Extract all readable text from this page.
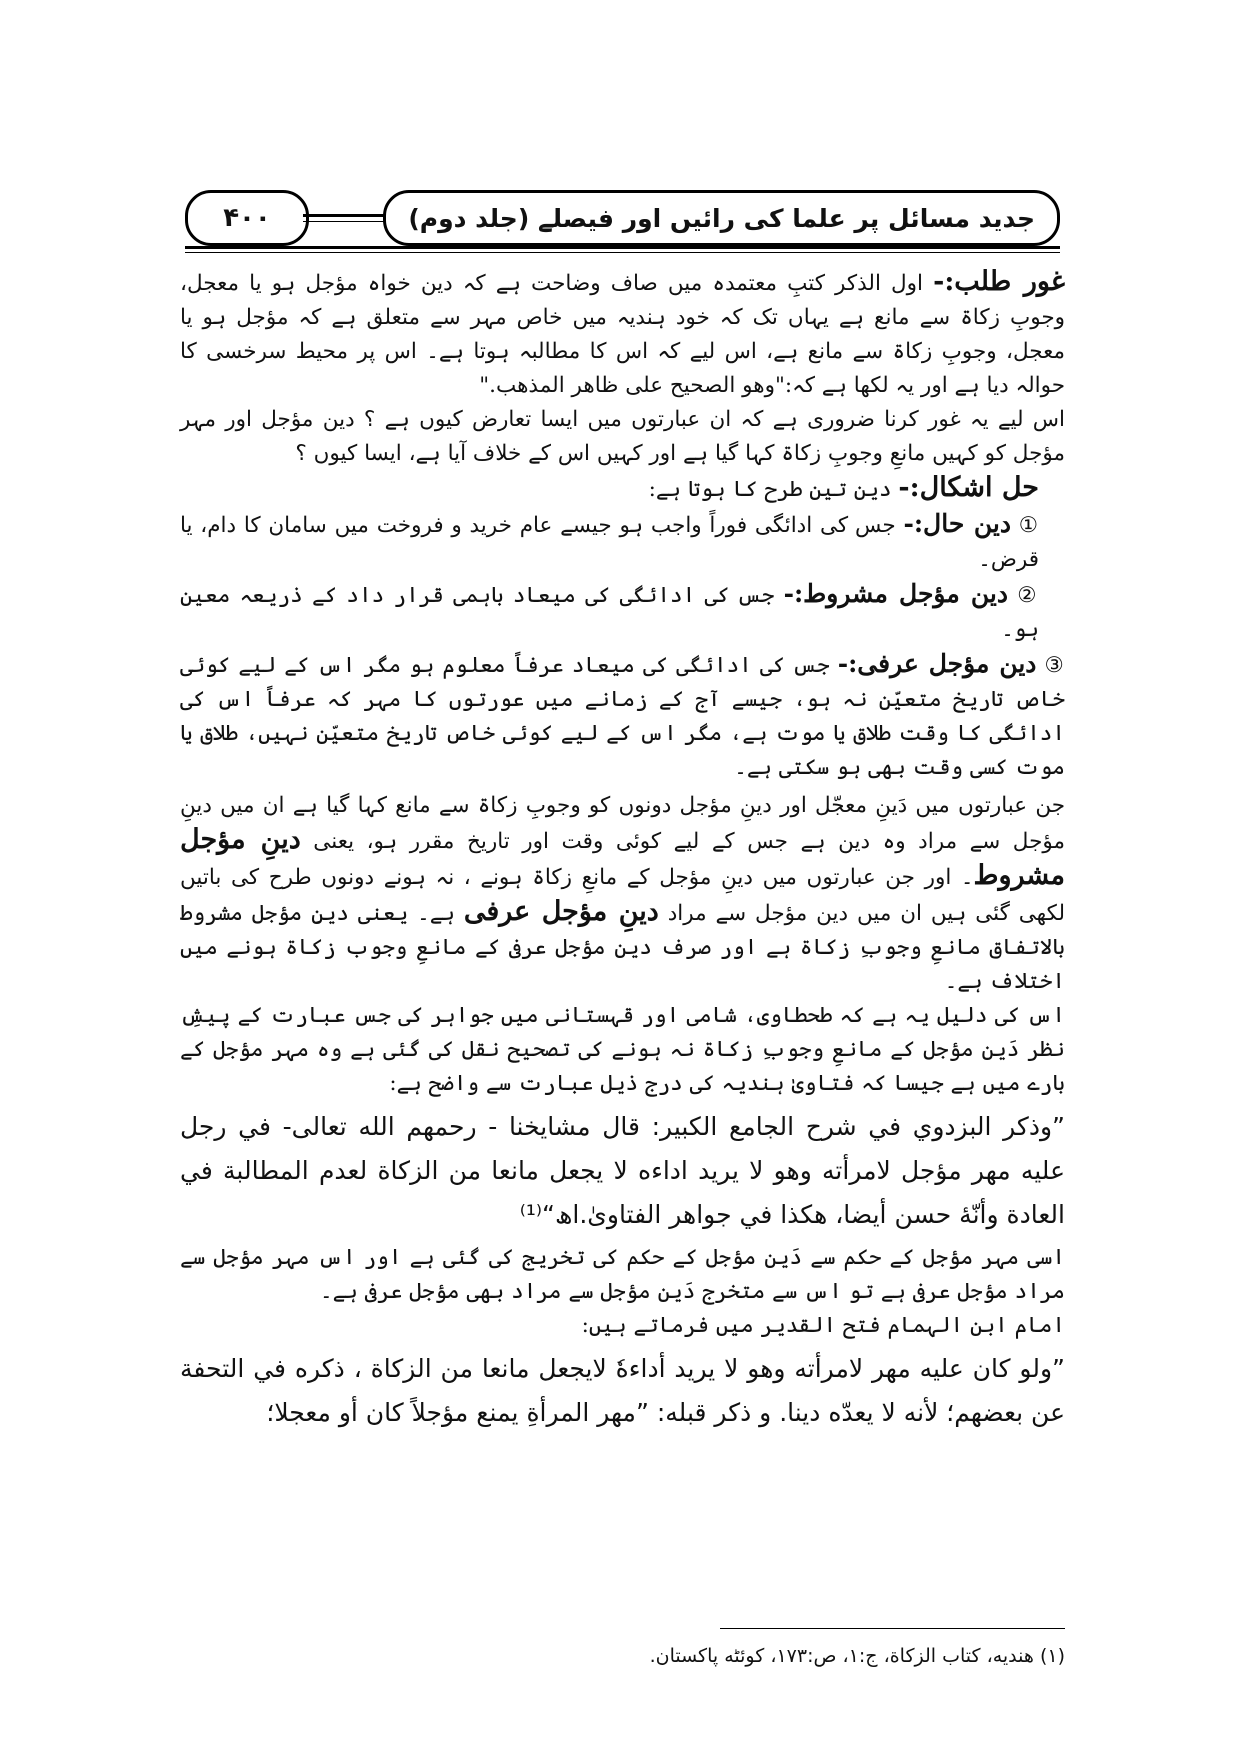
۴۰۰	جدید مسائل پر علما کی رائیں اور فیصلے (جلد دوم)

غور طلب:- اول الذکر کتبِ معتمدہ میں صاف وضاحت ہے کہ دین خواہ مؤجل ہو یا معجل، وجوبِ زکاۃ سے مانع ہے یہاں تک کہ خود ہندیہ میں خاص مہر سے متعلق ہے کہ مؤجل ہو یا معجل، وجوبِ زکاۃ سے مانع ہے، اس لیے کہ اس کا مطالبہ ہوتا ہے۔ اس پر محیط سرخسی کا حوالہ دیا ہے اور یہ لکھا ہے کہ:"وھو الصحیح علی ظاھر المذھب."

اس لیے یہ غور کرنا ضروری ہے کہ ان عبارتوں میں ایسا تعارض کیوں ہے ؟ دین مؤجل اور مہر مؤجل کو کہیں مانعِ وجوبِ زکاۃ کہا گیا ہے اور کہیں اس کے خلاف آیا ہے، ایسا کیوں ؟

حل اشکال:- دین تین طرح کا ہوتا ہے:

① دین حال:- جس کی ادائگی فوراً واجب ہو جیسے عام خرید و فروخت میں سامان کا دام، یا قرض۔

② دین مؤجل مشروط:- جس کی ادائگی کی میعاد باہمی قرار داد کے ذریعہ معین ہو۔

③ دین مؤجل عرفی:- جس کی ادائگی کی میعاد عرفاً معلوم ہو مگر اس کے لیے کوئی خاص تاریخ متعیّن نہ ہو، جیسے آج کے زمانے میں عورتوں کا مہر کہ عرفاً اس کی ادائگی کا وقت طلاق یا موت ہے، مگر اس کے لیے کوئی خاص تاریخ متعیّن نہیں، طلاق یا موت کسی وقت بھی ہو سکتی ہے۔

جن عبارتوں میں دَینِ معجّل اور دینِ مؤجل دونوں کو وجوبِ زکاۃ سے مانع کہا گیا ہے ان میں دینِ مؤجل سے مراد وہ دین ہے جس کے لیے کوئی وقت اور تاریخ مقرر ہو، یعنی دینِ مؤجل مشروط۔ اور جن عبارتوں میں دینِ مؤجل کے مانعِ زکاۃ ہونے ، نہ ہونے دونوں طرح کی باتیں لکھی گئی ہیں ان میں دین مؤجل سے مراد دینِ مؤجل عرفی ہے۔ یعنی دینِ مؤجل مشروط بالاتفاق مانعِ وجوبِ زکاۃ ہے اور صرف دین مؤجل عرفی کے مانعِ وجوب زکاۃ ہونے میں اختلاف ہے۔

اس کی دلیل یہ ہے کہ طحطاوی، شامی اور قہستانی میں جواہر کی جس عبارت کے پیشِ نظر دَین مؤجل کے مانعِ وجوبِ زکاۃ نہ ہونے کی تصحیح نقل کی گئی ہے وہ مہر مؤجل کے بارے میں ہے جیسا کہ فتاویٰ ہندیہ کی درج ذیل عبارت سے واضح ہے:

”وذكر البزدوي في شرح الجامع الكبير: قال مشايخنا - رحمهم الله تعالى- في رجل عليه مهر مؤجل لامرأته وهو لا يريد اداءه لا يجعل مانعا من الزكاة لعدم المطالبة في العادة وأنّهٔ حسن أيضا، هكذا في جواهر الفتاوىٰ.اھ“⁽¹⁾

اسی مہر مؤجل کے حکم سے دَین مؤجل کے حکم کی تخریج کی گئی ہے اور اس مہر مؤجل سے مراد مؤجل عرفی ہے تو اس سے متخرج دَین مؤجل سے مراد بھی مؤجل عرفی ہے۔

امام ابن الہمام فتح القدیر میں فرماتے ہیں:

”ولو كان عليه مهر لامرأته وهو لا يريد أداءهٗ لايجعل مانعا من الزكاة ، ذكره في التحفة عن بعضهم؛ لأنه لا يعدّه دينا. و ذكر قبله: ”مهر المرأةِ يمنع مؤجلاً كان أو معجلا؛

(۱) ھندیه، کتاب الزکاة، ج:۱، ص:۱۷۳، کوئٹه پاکستان.
